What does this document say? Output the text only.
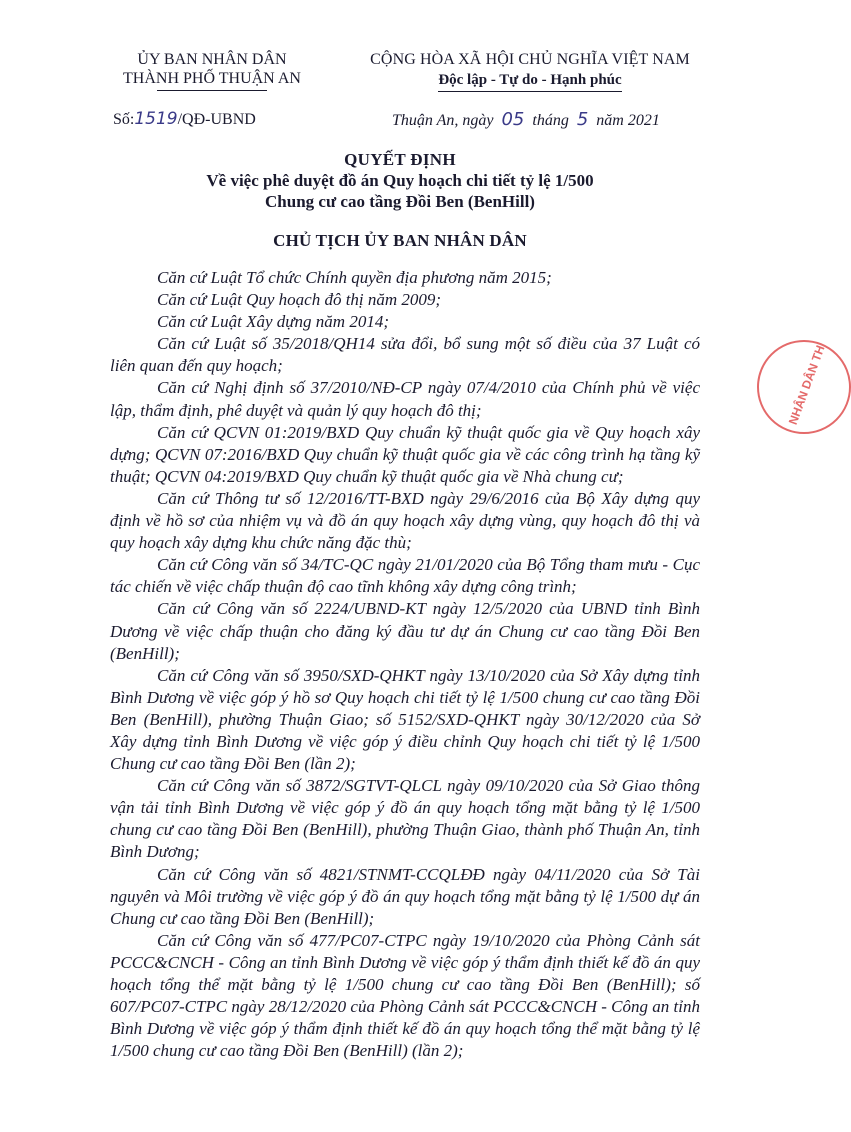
ỦY BAN NHÂN DÂN
THÀNH PHỐ THUẬN AN
CỘNG HÒA XÃ HỘI CHỦ NGHĨA VIỆT NAM
Độc lập - Tự do - Hạnh phúc
Số:1519/QĐ-UBND	Thuận An, ngày 05 tháng 5 năm 2021
QUYẾT ĐỊNH
Về việc phê duyệt đồ án Quy hoạch chi tiết tỷ lệ 1/500
Chung cư cao tầng Đồi Ben (BenHill)
CHỦ TỊCH ỦY BAN NHÂN DÂN

Căn cứ Luật Tổ chức Chính quyền địa phương năm 2015;

Căn cứ Luật Quy hoạch đô thị năm 2009;

Căn cứ Luật Xây dựng năm 2014;

Căn cứ Luật số 35/2018/QH14 sửa đổi, bổ sung một số điều của 37 Luật có liên quan đến quy hoạch;

Căn cứ Nghị định số 37/2010/NĐ-CP ngày 07/4/2010 của Chính phủ về việc lập, thẩm định, phê duyệt và quản lý quy hoạch đô thị;

Căn cứ QCVN 01:2019/BXD Quy chuẩn kỹ thuật quốc gia về Quy hoạch xây dựng; QCVN 07:2016/BXD Quy chuẩn kỹ thuật quốc gia về các công trình hạ tầng kỹ thuật; QCVN 04:2019/BXD Quy chuẩn kỹ thuật quốc gia về Nhà chung cư;

Căn cứ Thông tư số 12/2016/TT-BXD ngày 29/6/2016 của Bộ Xây dựng quy định về hồ sơ của nhiệm vụ và đồ án quy hoạch xây dựng vùng, quy hoạch đô thị và quy hoạch xây dựng khu chức năng đặc thù;

Căn cứ Công văn số 34/TC-QC ngày 21/01/2020 của Bộ Tổng tham mưu - Cục tác chiến về việc chấp thuận độ cao tĩnh không xây dựng công trình;

Căn cứ Công văn số 2224/UBND-KT ngày 12/5/2020 của UBND tỉnh Bình Dương về việc chấp thuận cho đăng ký đầu tư dự án Chung cư cao tầng Đồi Ben (BenHill);

Căn cứ Công văn số 3950/SXD-QHKT ngày 13/10/2020 của Sở Xây dựng tỉnh Bình Dương về việc góp ý hồ sơ Quy hoạch chi tiết tỷ lệ 1/500 chung cư cao tầng Đồi Ben (BenHill), phường Thuận Giao; số 5152/SXD-QHKT ngày 30/12/2020 của Sở Xây dựng tỉnh Bình Dương về việc góp ý điều chỉnh Quy hoạch chi tiết tỷ lệ 1/500 Chung cư cao tầng Đồi Ben (lần 2);

Căn cứ Công văn số 3872/SGTVT-QLCL ngày 09/10/2020 của Sở Giao thông vận tải tỉnh Bình Dương về việc góp ý đồ án quy hoạch tổng mặt bằng tỷ lệ 1/500 chung cư cao tầng Đồi Ben (BenHill), phường Thuận Giao, thành phố Thuận An, tỉnh Bình Dương;

Căn cứ Công văn số 4821/STNMT-CCQLĐĐ ngày 04/11/2020 của Sở Tài nguyên và Môi trường về việc góp ý đồ án quy hoạch tổng mặt bằng tỷ lệ 1/500 dự án Chung cư cao tầng Đồi Ben (BenHill);

Căn cứ Công văn số 477/PC07-CTPC ngày 19/10/2020 của Phòng Cảnh sát PCCC&CNCH - Công an tỉnh Bình Dương về việc góp ý thẩm định thiết kế đồ án quy hoạch tổng thể mặt bằng tỷ lệ 1/500 chung cư cao tầng Đồi Ben (BenHill); số 607/PC07-CTPC ngày 28/12/2020 của Phòng Cảnh sát PCCC&CNCH - Công an tỉnh Bình Dương về việc góp ý thẩm định thiết kế đồ án quy hoạch tổng thể mặt bằng tỷ lệ 1/500 chung cư cao tầng Đồi Ben (BenHill) (lần 2);

NHÂN DÂN TH
